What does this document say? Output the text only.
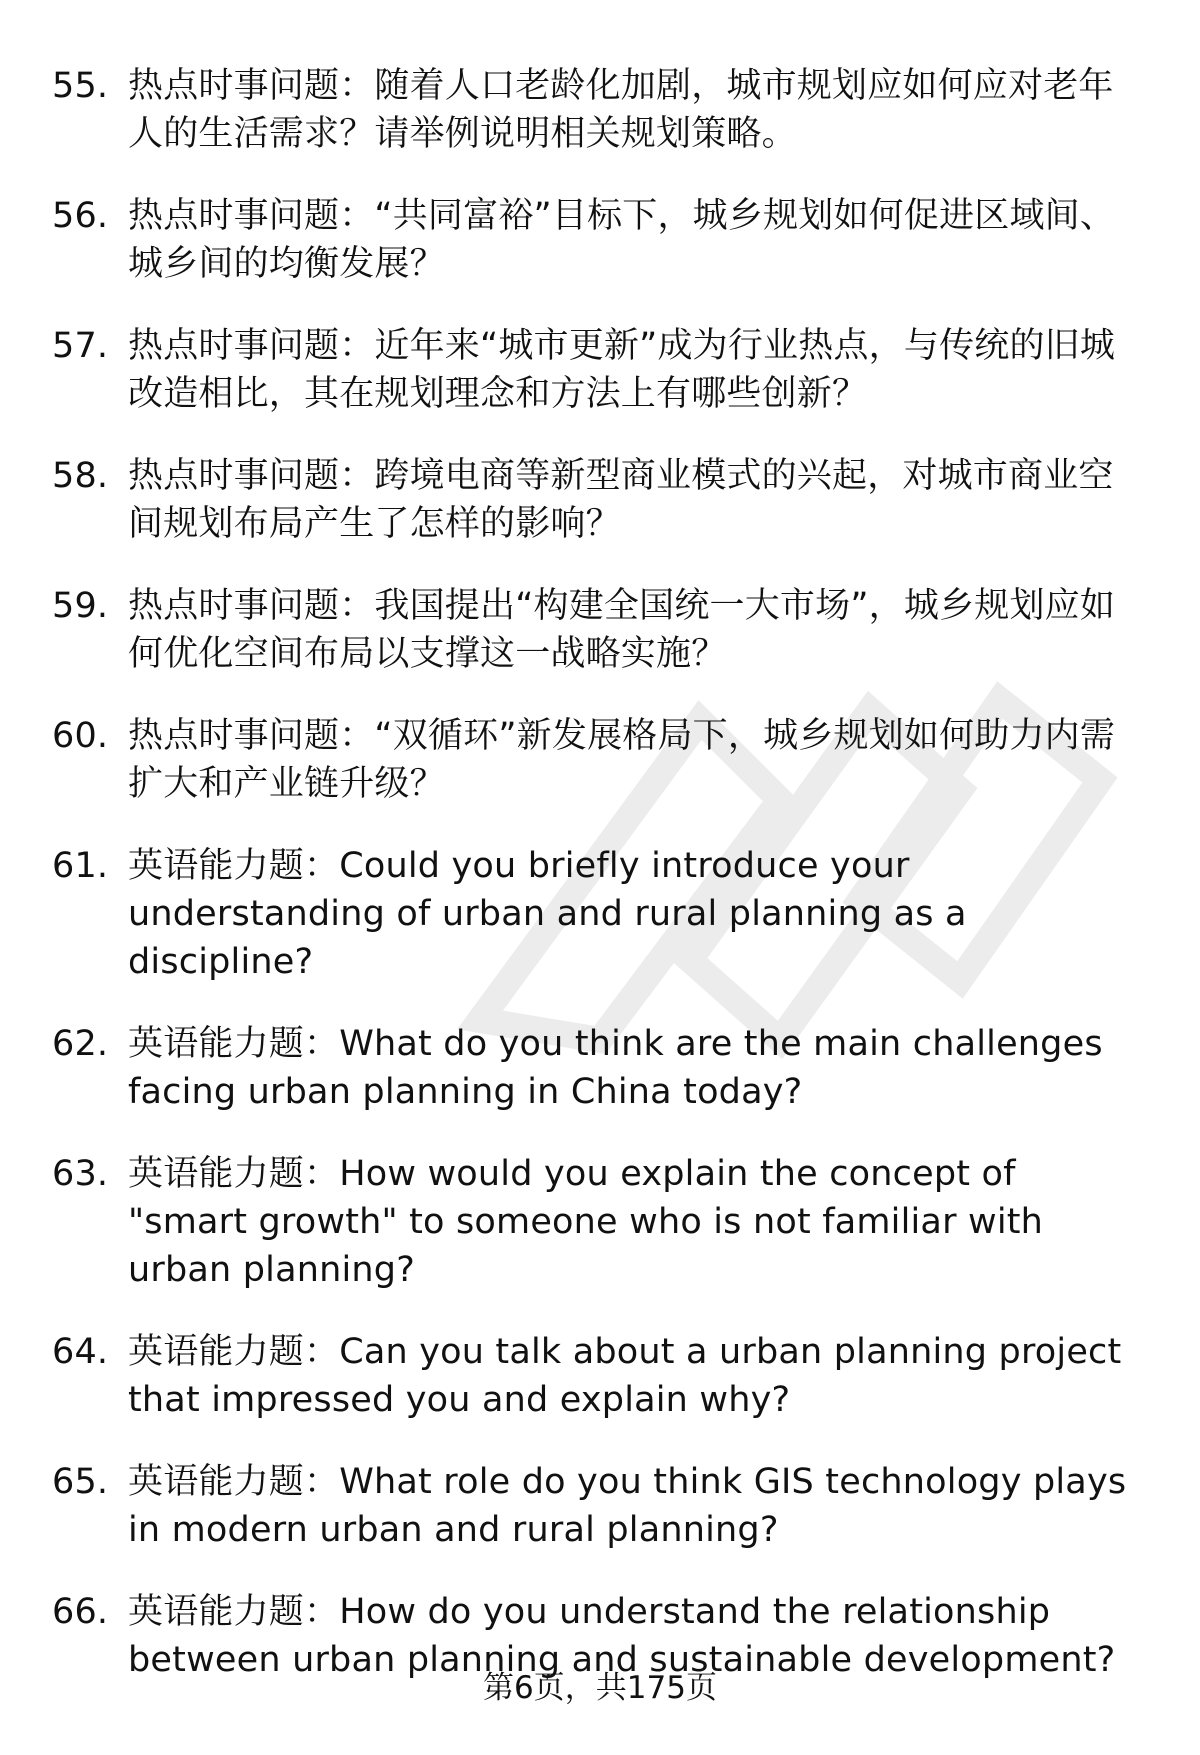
55. 热点时事问题：随着人口老龄化加剧，城市规划应如何应对老年人的生活需求？请举例说明相关规划策略。
56. 热点时事问题：“共同富裕”目标下，城乡规划如何促进区域间、城乡间的均衡发展？
57. 热点时事问题：近年来“城市更新”成为行业热点，与传统的旧城改造相比，其在规划理念和方法上有哪些创新？
58. 热点时事问题：跨境电商等新型商业模式的兴起，对城市商业空间规划布局产生了怎样的影响？
59. 热点时事问题：我国提出“构建全国统一大市场”，城乡规划应如何优化空间布局以支撑这一战略实施？
60. 热点时事问题：“双循环”新发展格局下，城乡规划如何助力内需扩大和产业链升级？
61. 英语能力题：Could you briefly introduce your understanding of urban and rural planning as a discipline?
62. 英语能力题：What do you think are the main challenges facing urban planning in China today?
63. 英语能力题：How would you explain the concept of "smart growth" to someone who is not familiar with urban planning?
64. 英语能力题：Can you talk about a urban planning project that impressed you and explain why?
65. 英语能力题：What role do you think GIS technology plays in modern urban and rural planning?
66. 英语能力题：How do you understand the relationship between urban planning and sustainable development?
第6页，共175页
